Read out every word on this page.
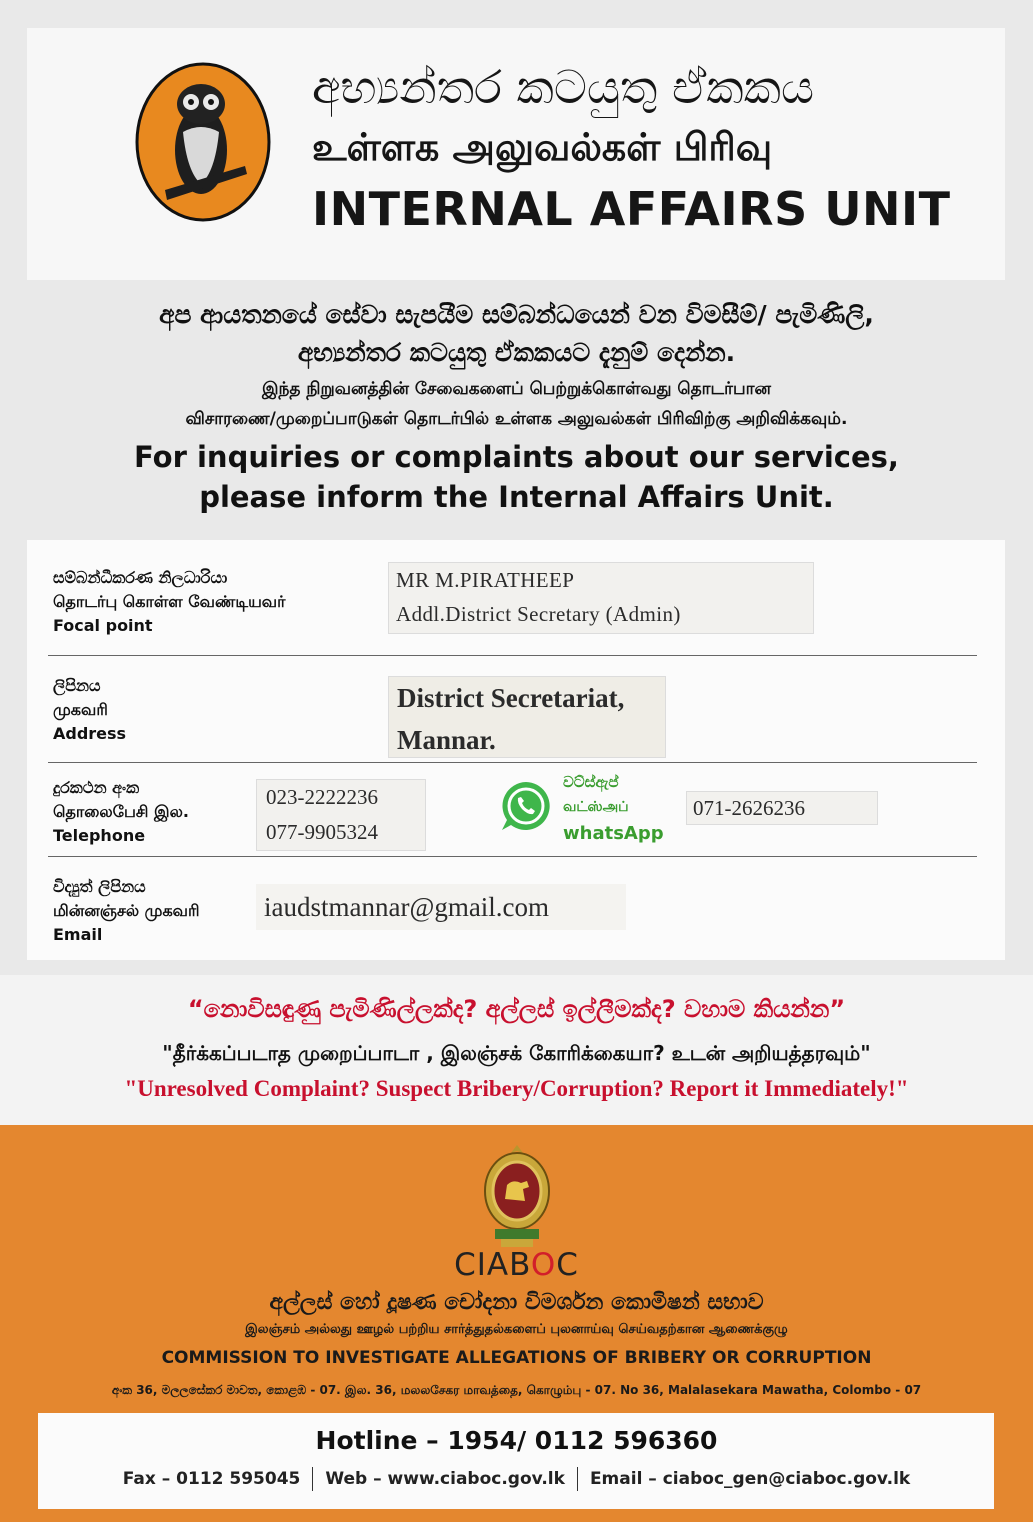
අභ්‍යන්තර කටයුතු ඒකකය
உள்ளக அலுவல்கள் பிரிவு
INTERNAL AFFAIRS UNIT
අප ආයතනයේ සේවා සැපයීම සම්බන්ධයෙන් වන විමසීම්/ පැමිණිලි,
අභ්‍යන්තර කටයුතු ඒකකයට දැනුම් දෙන්න.
இந்த நிறுவனத்தின் சேவைகளைப் பெற்றுக்கொள்வது தொடர்பான
விசாரணை/முறைப்பாடுகள் தொடர்பில் உள்ளக அலுவல்கள் பிரிவிற்கு அறிவிக்கவும்.
For inquiries or complaints about our services,
please inform the Internal Affairs Unit.
සම්බන්ධීකරණ නිලධාරියා
தொடர்பு கொள்ள வேண்டியவர்
Focal point
MR M.PIRATHEEP
Addl.District Secretary (Admin)
ලිපිනය
முகவரி
Address
District Secretariat,
Mannar.
දුරකථන අංක
தொலைபேசி இல.
Telephone
023-2222236
077-9905324
වට්ස්ඇප්
வட்ஸ்அப்
whatsApp
071-2626236
විද්‍යුත් ලිපිනය
மின்னஞ்சல் முகவரி
Email
iaudstmannar@gmail.com
“නොවිසඳුණු පැමිණිල්ලක්ද? අල්ලස් ඉල්ලීමක්ද? වහාම කියන්න”
"தீர்க்கப்படாத முறைப்பாடா , இலஞ்சக் கோரிக்கையா? உடன் அறியத்தரவும்"
"Unresolved Complaint? Suspect Bribery/Corruption? Report it Immediately!"
CIABOC
අල්ලස් හෝ දූෂණ චෝදනා විමර්ශන කොමිෂන් සභාව
இலஞ்சம் அல்லது ஊழல் பற்றிய சார்த்துதல்களைப் புலனாய்வு செய்வதற்கான ஆணைக்குழு
COMMISSION TO INVESTIGATE ALLEGATIONS OF BRIBERY OR CORRUPTION
අංක 36, මලලසේකර මාවත, කොළඹ - 07. இல. 36, மலலசேகர மாவத்தை, கொழும்பு - 07. No 36, Malalasekara Mawatha, Colombo - 07
Hotline – 1954/ 0112 596360
Fax – 0112 595045 Web – www.ciaboc.gov.lk Email – ciaboc_gen@ciaboc.gov.lk
